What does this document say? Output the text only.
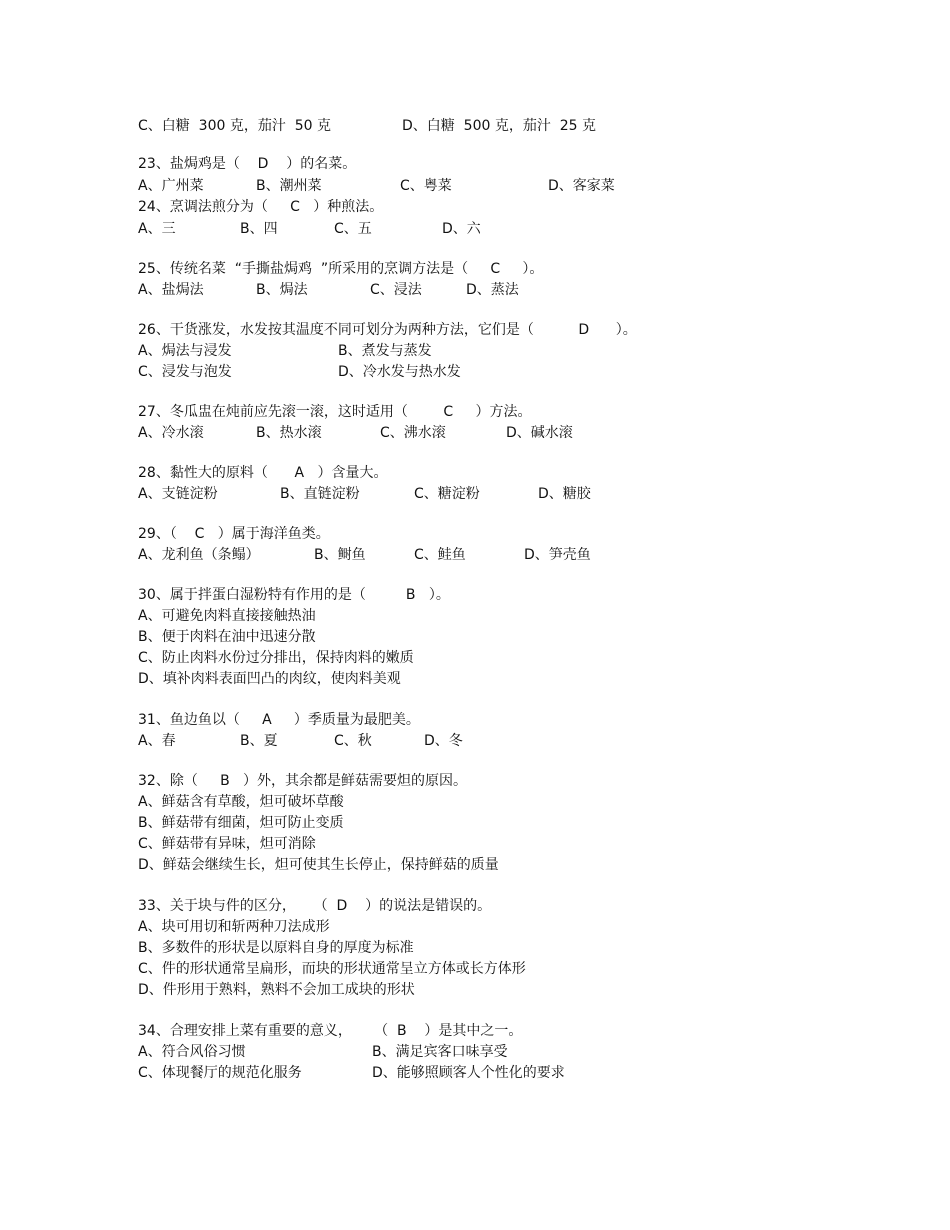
C、白糖  300 克，茄汁  50 克	D、白糖  500 克，茄汁  25 克
23、盐焗鸡是（    D    ）的名菜。
A、广州菜	B、潮州菜	C、粤菜	D、客家菜
24、烹调法煎分为（     C   ）种煎法。
A、三	B、四	C、五	D、六
25、传统名菜  “手撕盐焗鸡  ”所采用的烹调方法是（     C     ）。
A、盐焗法	B、焗法	C、浸法	D、蒸法
26、干货涨发，水发按其温度不同可划分为两种方法，它们是（          D      ）。
A、焗法与浸发	B、煮发与蒸发
C、浸发与泡发	D、冷水发与热水发
27、冬瓜盅在炖前应先滚一滚，这时适用（        C     ）方法。
A、冷水滚	B、热水滚	C、沸水滚	D、碱水滚
28、黏性大的原料（      A   ）含量大。
A、支链淀粉	B、直链淀粉	C、糖淀粉	D、糖胶
29、（    C   ）属于海洋鱼类。
A、龙利鱼（条鳎）	B、鲥鱼	C、鲑鱼	D、笋壳鱼
30、属于拌蛋白湿粉特有作用的是（         B   ）。
A、可避免肉料直接接触热油
B、便于肉料在油中迅速分散
C、防止肉料水份过分排出，保持肉料的嫩质
D、填补肉料表面凹凸的肉纹，使肉料美观
31、鱼边鱼以（     A     ）季质量为最肥美。
A、春	B、夏	C、秋	D、冬
32、除（     B   ）外，其余都是鲜菇需要炟的原因。
A、鲜菇含有草酸，炟可破坏草酸
B、鲜菇带有细菌，炟可防止变质
C、鲜菇带有异味，炟可消除
D、鲜菇会继续生长，炟可使其生长停止，保持鲜菇的质量
33、关于块与件的区分，    （  D    ）的说法是错误的。
A、块可用切和斩两种刀法成形
B、多数件的形状是以原料自身的厚度为标准
C、件的形状通常呈扁形，而块的形状通常呈立方体或长方体形
D、件形用于熟料，熟料不会加工成块的形状
34、合理安排上菜有重要的意义，     （  B    ）是其中之一。
A、符合风俗习惯	B、满足宾客口味享受
C、体现餐厅的规范化服务	D、能够照顾客人个性化的要求
